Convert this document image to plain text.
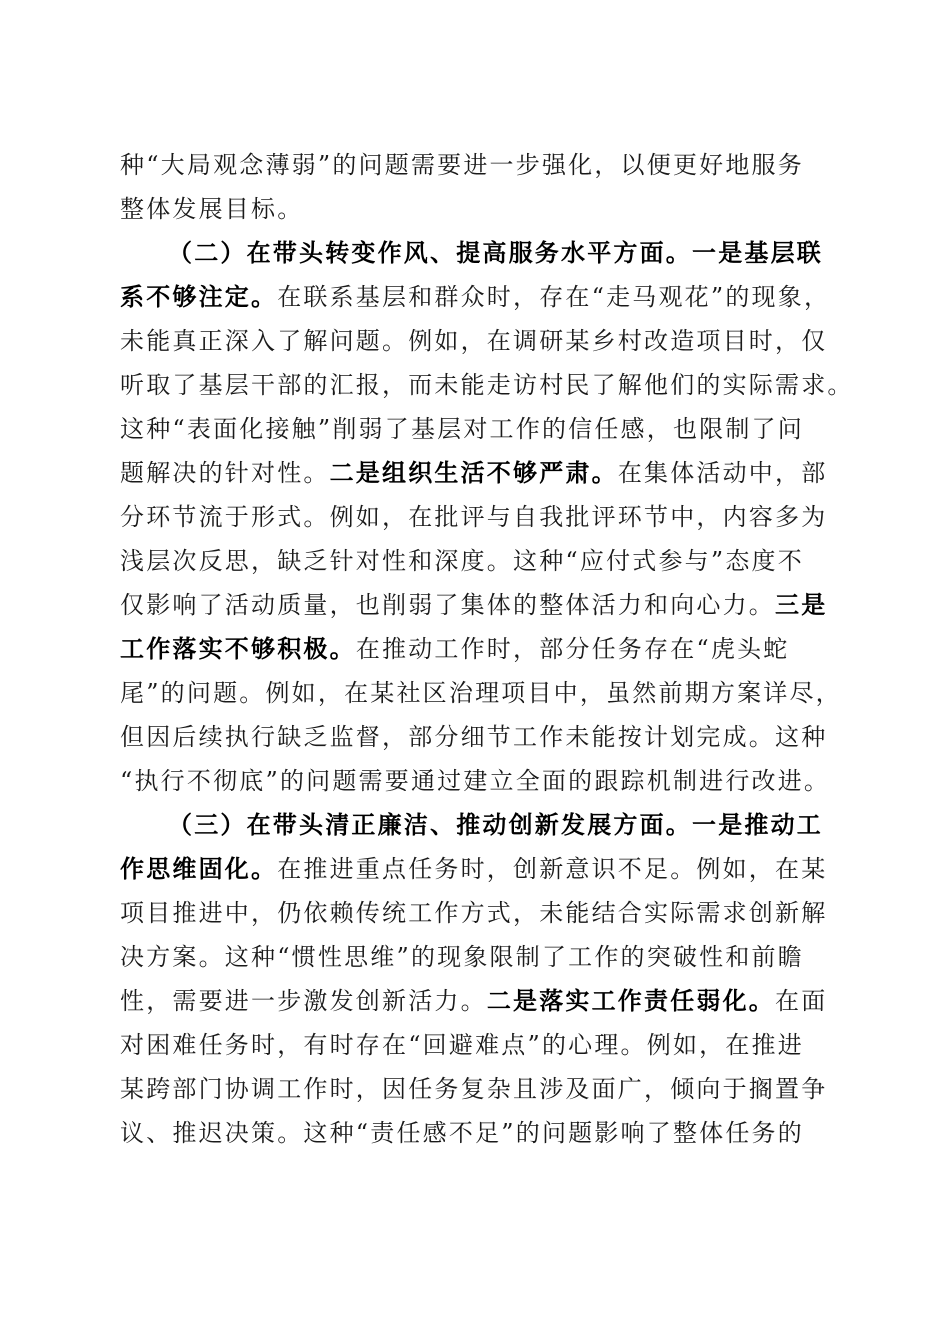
种“大局观念薄弱”的问题需要进一步强化，以便更好地服务
整体发展目标。
（二）在带头转变作风、提高服务水平方面。一是基层联
系不够注定。在联系基层和群众时，存在“走马观花”的现象，
未能真正深入了解问题。例如，在调研某乡村改造项目时，仅
听取了基层干部的汇报，而未能走访村民了解他们的实际需求。
这种“表面化接触”削弱了基层对工作的信任感，也限制了问
题解决的针对性。二是组织生活不够严肃。在集体活动中，部
分环节流于形式。例如，在批评与自我批评环节中，内容多为
浅层次反思，缺乏针对性和深度。这种“应付式参与”态度不
仅影响了活动质量，也削弱了集体的整体活力和向心力。三是
工作落实不够积极。在推动工作时，部分任务存在“虎头蛇
尾”的问题。例如，在某社区治理项目中，虽然前期方案详尽，
但因后续执行缺乏监督，部分细节工作未能按计划完成。这种
“执行不彻底”的问题需要通过建立全面的跟踪机制进行改进。
（三）在带头清正廉洁、推动创新发展方面。一是推动工
作思维固化。在推进重点任务时，创新意识不足。例如，在某
项目推进中，仍依赖传统工作方式，未能结合实际需求创新解
决方案。这种“惯性思维”的现象限制了工作的突破性和前瞻
性，需要进一步激发创新活力。二是落实工作责任弱化。在面
对困难任务时，有时存在“回避难点”的心理。例如，在推进
某跨部门协调工作时，因任务复杂且涉及面广，倾向于搁置争
议、推迟决策。这种“责任感不足”的问题影响了整体任务的
